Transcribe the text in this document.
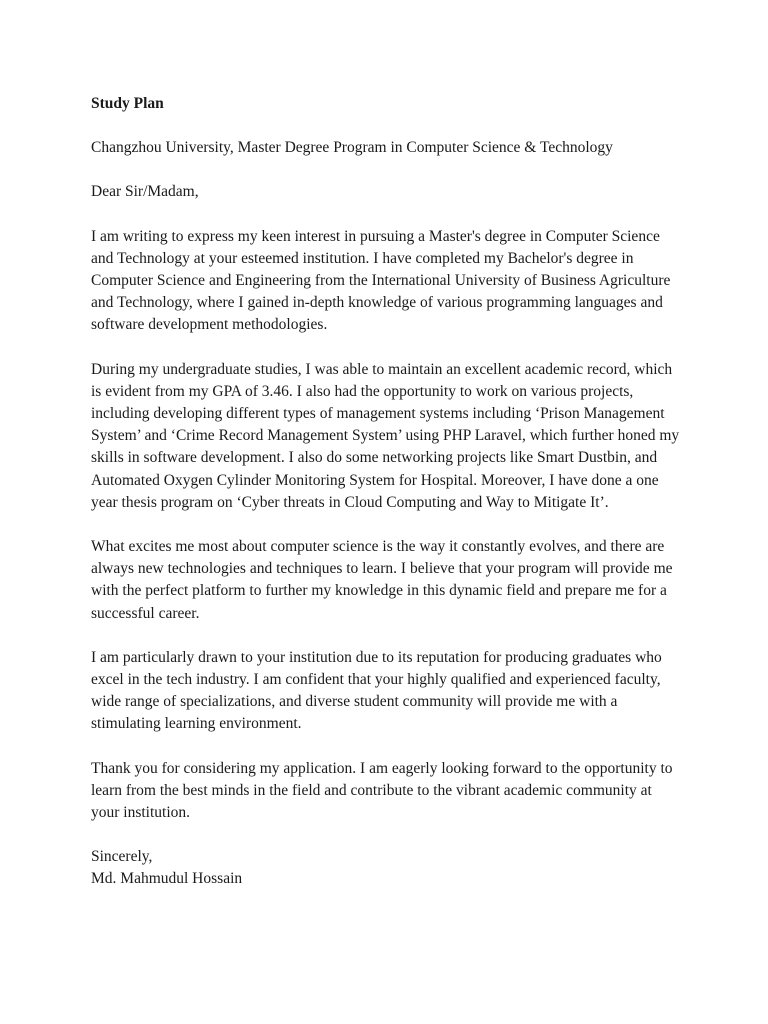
Study Plan

Changzhou University, Master Degree Program in Computer Science & Technology

Dear Sir/Madam,

I am writing to express my keen interest in pursuing a Master's degree in Computer Science and Technology at your esteemed institution. I have completed my Bachelor's degree in Computer Science and Engineering from the International University of Business Agriculture and Technology, where I gained in-depth knowledge of various programming languages and software development methodologies.

During my undergraduate studies, I was able to maintain an excellent academic record, which is evident from my GPA of 3.46. I also had the opportunity to work on various projects, including developing different types of management systems including ‘Prison Management System’ and ‘Crime Record Management System’ using PHP Laravel, which further honed my skills in software development. I also do some networking projects like Smart Dustbin, and Automated Oxygen Cylinder Monitoring System for Hospital. Moreover, I have done a one year thesis program on ‘Cyber threats in Cloud Computing and Way to Mitigate It’.

What excites me most about computer science is the way it constantly evolves, and there are always new technologies and techniques to learn. I believe that your program will provide me with the perfect platform to further my knowledge in this dynamic field and prepare me for a successful career.

I am particularly drawn to your institution due to its reputation for producing graduates who excel in the tech industry. I am confident that your highly qualified and experienced faculty, wide range of specializations, and diverse student community will provide me with a stimulating learning environment.

Thank you for considering my application. I am eagerly looking forward to the opportunity to learn from the best minds in the field and contribute to the vibrant academic community at your institution.

Sincerely,

Md. Mahmudul Hossain
